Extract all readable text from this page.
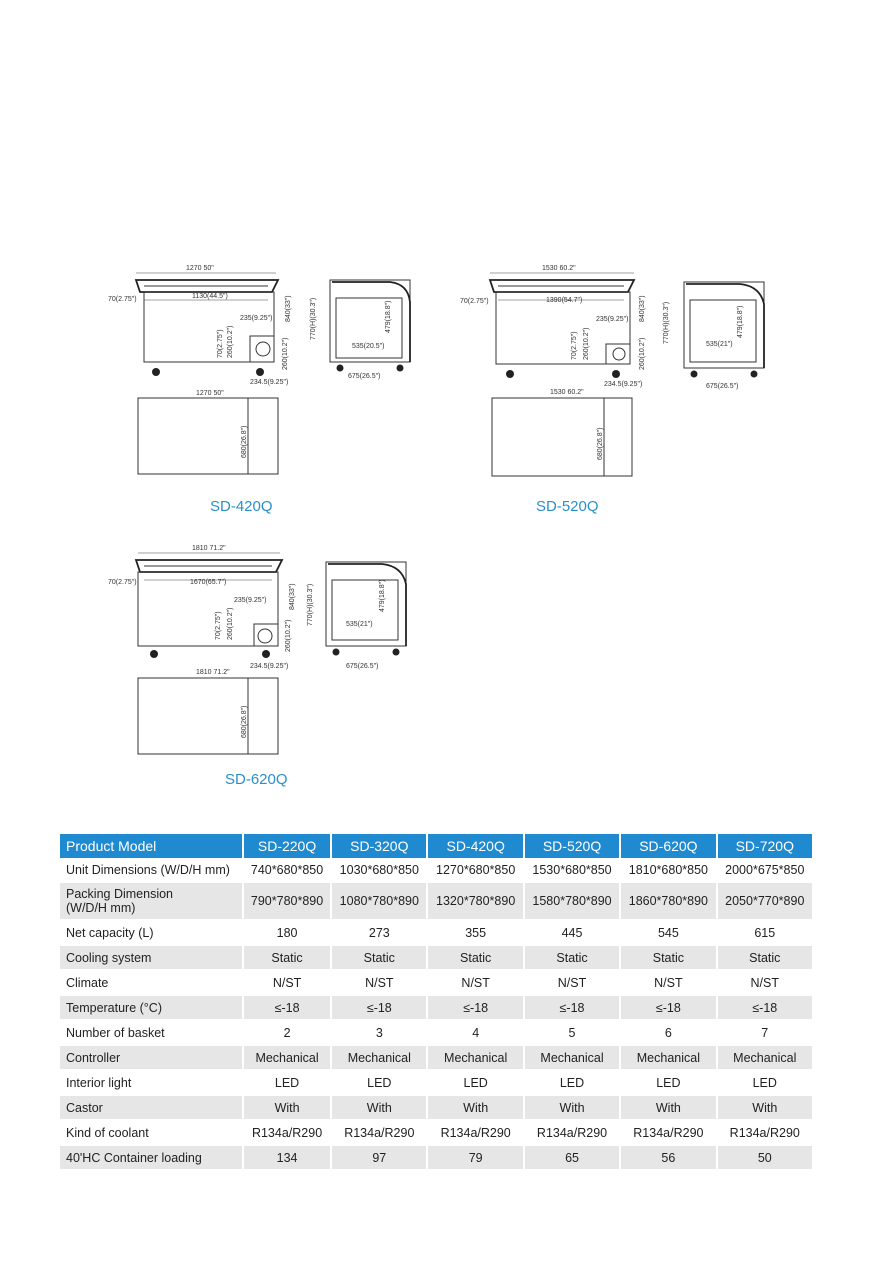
1270 50"
1130(44.5")
70(2.75")
235(9.25")
70(2.75") 260(10.2")	260(10.2")
840(33")
234.5(9.25")
770(H)(30.3")	479(18.8")
535(20.5")
675(26.5")
1270 50"
680(26.8")
SD-420Q
1530 60.2"
1390(54.7")
70(2.75")
235(9.25")
70(2.75") 260(10.2")	260(10.2")
840(33")
234.5(9.25")
770(H)(30.3")	479(18.8")
535(21")
675(26.5")
1530 60.2"
680(26.8")
SD-520Q
1810 71.2"
1670(65.7")
70(2.75")
235(9.25")
70(2.75") 260(10.2")	260(10.2")
840(33")
234.5(9.25")
770(H)(30.3")	479(18.8")
535(21")
675(26.5")
1810 71.2"
680(26.8")
SD-620Q
Product Model	SD-220Q	SD-320Q	SD-420Q	SD-520Q	SD-620Q	SD-720Q
Unit Dimensions (W/D/H mm)	740*680*850	1030*680*850	1270*680*850	1530*680*850	1810*680*850	2000*675*850
Packing Dimension
(W/D/H mm)	790*780*890	1080*780*890	1320*780*890	1580*780*890	1860*780*890	2050*770*890
Net capacity (L)	180	273	355	445	545	615
Cooling system	Static	Static	Static	Static	Static	Static
Climate	N/ST	N/ST	N/ST	N/ST	N/ST	N/ST
Temperature (°C)	≤-18	≤-18	≤-18	≤-18	≤-18	≤-18
Number of basket	2	3	4	5	6	7
Controller	Mechanical	Mechanical	Mechanical	Mechanical	Mechanical	Mechanical
Interior light	LED	LED	LED	LED	LED	LED
Castor	With	With	With	With	With	With
Kind of coolant	R134a/R290	R134a/R290	R134a/R290	R134a/R290	R134a/R290	R134a/R290
40'HC Container loading	134	97	79	65	56	50
